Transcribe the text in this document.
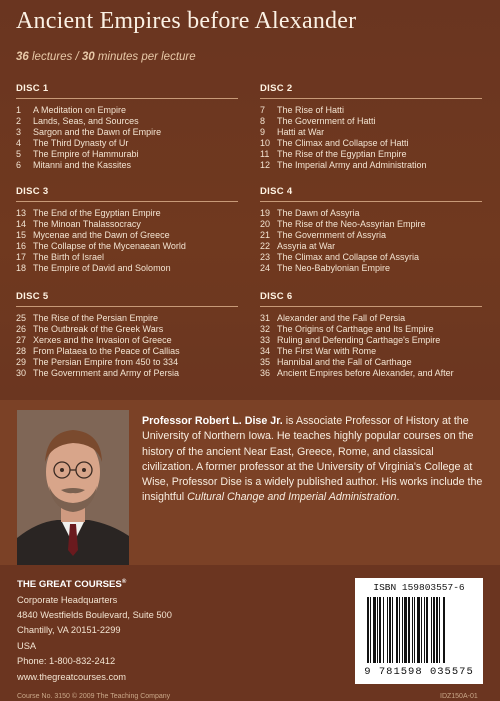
Ancient Empires before Alexander
36 lectures / 30 minutes per lecture
DISC 1
1 A Meditation on Empire
2 Lands, Seas, and Sources
3 Sargon and the Dawn of Empire
4 The Third Dynasty of Ur
5 The Empire of Hammurabi
6 Mitanni and the Kassites
DISC 2
7 The Rise of Hatti
8 The Government of Hatti
9 Hatti at War
10 The Climax and Collapse of Hatti
11 The Rise of the Egyptian Empire
12 The Imperial Army and Administration
DISC 3
13 The End of the Egyptian Empire
14 The Minoan Thalassocracy
15 Mycenae and the Dawn of Greece
16 The Collapse of the Mycenaean World
17 The Birth of Israel
18 The Empire of David and Solomon
DISC 4
19 The Dawn of Assyria
20 The Rise of the Neo-Assyrian Empire
21 The Government of Assyria
22 Assyria at War
23 The Climax and Collapse of Assyria
24 The Neo-Babylonian Empire
DISC 5
25 The Rise of the Persian Empire
26 The Outbreak of the Greek Wars
27 Xerxes and the Invasion of Greece
28 From Plataea to the Peace of Callias
29 The Persian Empire from 450 to 334
30 The Government and Army of Persia
DISC 6
31 Alexander and the Fall of Persia
32 The Origins of Carthage and Its Empire
33 Ruling and Defending Carthage's Empire
34 The First War with Rome
35 Hannibal and the Fall of Carthage
36 Ancient Empires before Alexander, and After
Professor Robert L. Dise Jr. is Associate Professor of History at the University of Northern Iowa. He teaches highly popular courses on the history of the ancient Near East, Greece, Rome, and classical civilization. A former professor at the University of Virginia's College at Wise, Professor Dise is a widely published author. His works include the insightful Cultural Change and Imperial Administration.
THE GREAT COURSES®
Corporate Headquarters
4840 Westfields Boulevard, Suite 500
Chantilly, VA 20151-2299
USA
Phone: 1-800-832-2412
www.thegreatcourses.com
ISBN 159803557-6
9 781598 035575
Course No. 3150 © 2009 The Teaching Company	IDZ150A-01
